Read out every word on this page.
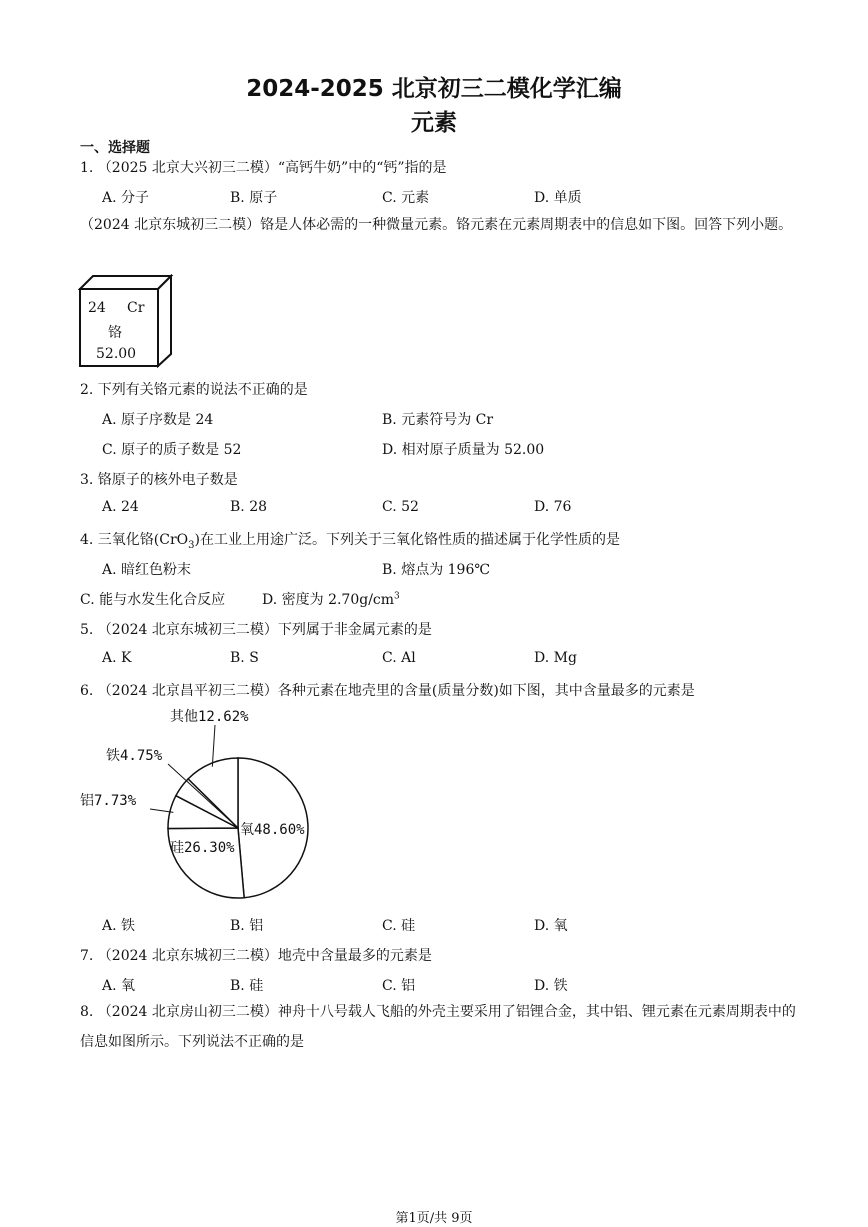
2024-2025 北京初三二模化学汇编
元素
一、选择题
1. （2025 北京大兴初三二模）“高钙牛奶”中的“钙”指的是
A. 分子	B. 原子	C. 元素	D. 单质
（2024 北京东城初三二模）铬是人体必需的一种微量元素。铬元素在元素周期表中的信息如下图。回答下列小题。
24 Cr
铬
52.00
2. 下列有关铬元素的说法不正确的是
A. 原子序数是 24	B. 元素符号为 Cr
C. 原子的质子数是 52	D. 相对原子质量为 52.00
3. 铬原子的核外电子数是
A. 24	B. 28	C. 52	D. 76
4. 三氧化铬(CrO$_3$)在工业上用途广泛。下列关于三氧化铬性质的描述属于化学性质的是
A. 暗红色粉末	B. 熔点为 196℃
C. 能与水发生化合反应	D. 密度为 $2.70g/cm^3$
5. （2024 北京东城初三二模）下列属于非金属元素的是
A. K	B. S	C. Al	D. Mg
6. （2024 北京昌平初三二模）各种元素在地壳里的含量(质量分数)如下图，其中含量最多的元素是
氧48.60%
硅26.30%
铝7.73%
铁4.75%
其他12.62%
A. 铁	B. 铝	C. 硅	D. 氧
7. （2024 北京东城初三二模）地壳中含量最多的元素是
A. 氧	B. 硅	C. 铝	D. 铁
8. （2024 北京房山初三二模）神舟十八号载人飞船的外壳主要采用了铝锂合金，其中铝、锂元素在元素周期表中的信息如图所示。下列说法不正确的是
第1页/共 9页
